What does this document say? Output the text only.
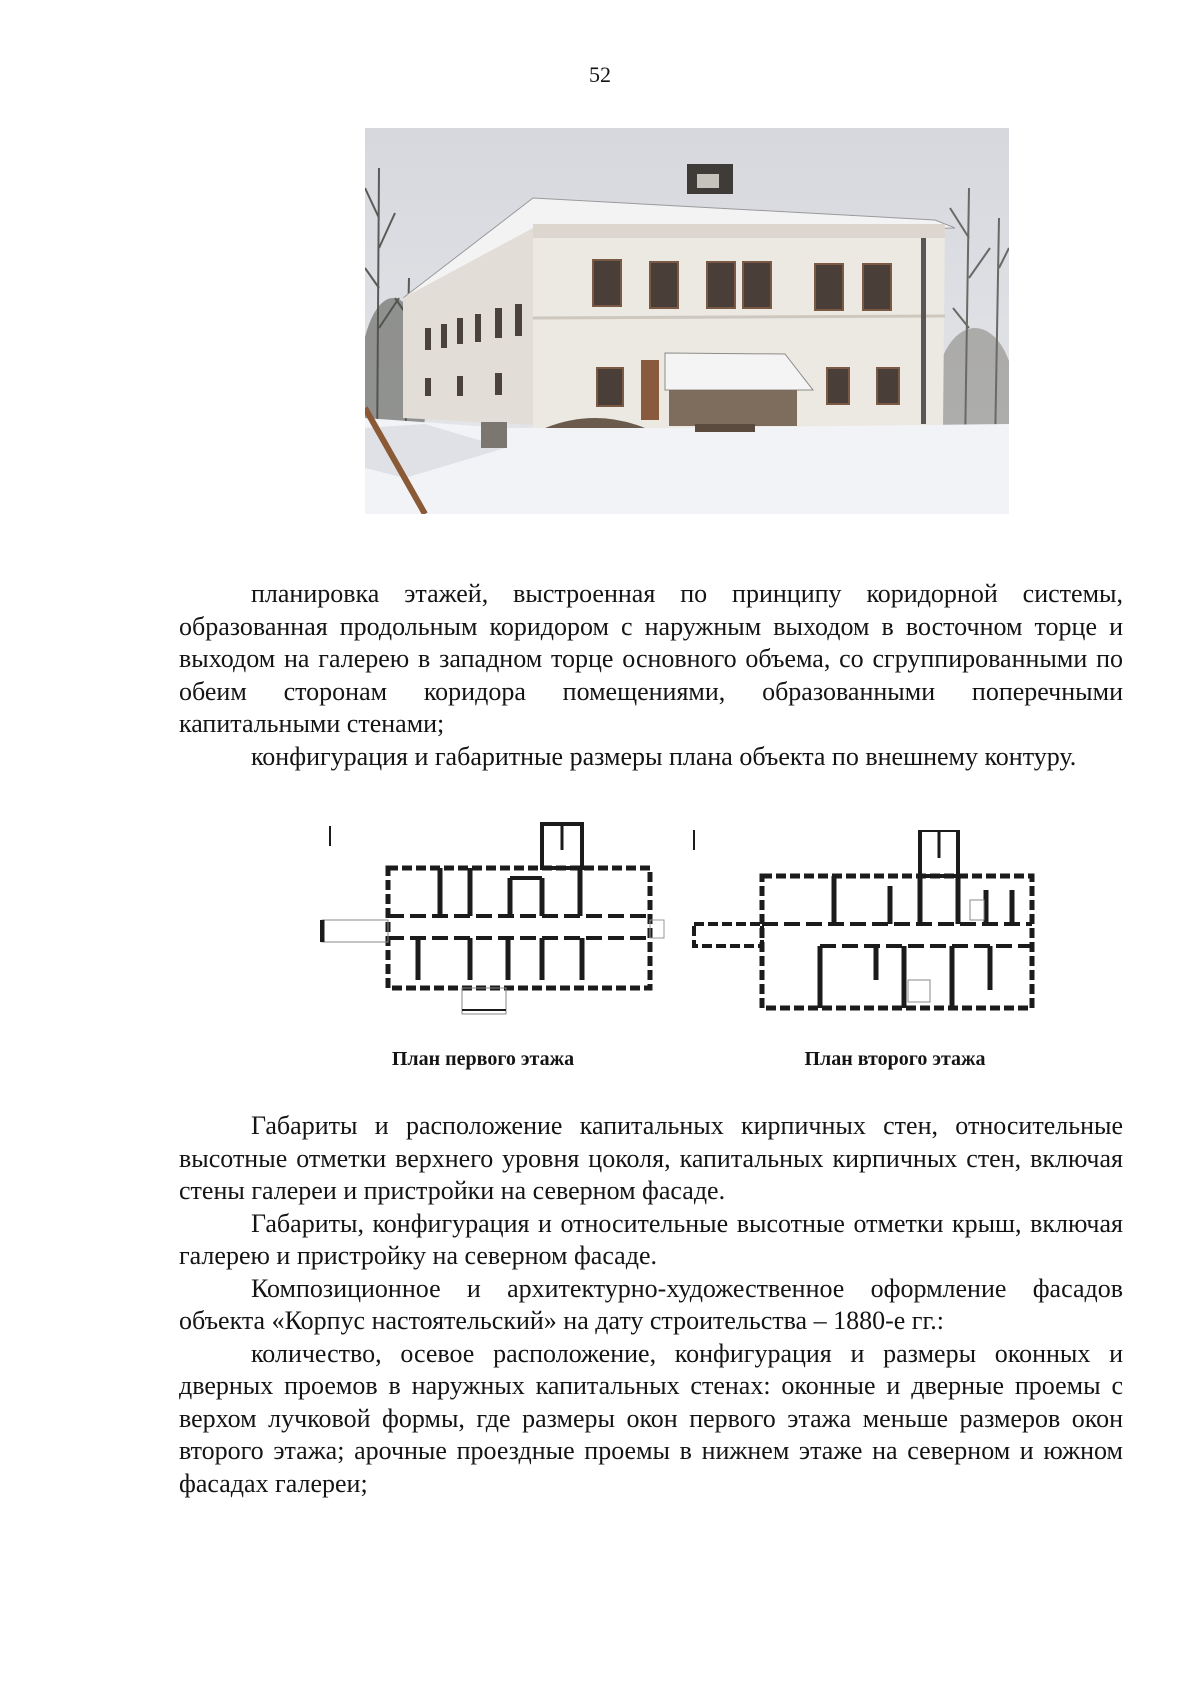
52

планировка этажей, выстроенная по принципу коридорной системы, образованная продольным коридором с наружным выходом в восточном торце и выходом на галерею в западном торце основного объема, со сгруппированными по обеим сторонам коридора помещениями, образованными поперечными капитальными стенами;

конфигурация и габаритные размеры плана объекта по внешнему контуру.

План первого этажа	План второго этажа

Габариты и расположение капитальных кирпичных стен, относительные высотные отметки верхнего уровня цоколя, капитальных кирпичных стен, включая стены галереи и пристройки на северном фасаде.

Габариты, конфигурация и относительные высотные отметки крыш, включая галерею и пристройку на северном фасаде.

Композиционное и архитектурно-художественное оформление фасадов объекта «Корпус настоятельский» на дату строительства – 1880-е гг.:

количество, осевое расположение, конфигурация и размеры оконных и дверных проемов в наружных капитальных стенах: оконные и дверные проемы с верхом лучковой формы, где размеры окон первого этажа меньше размеров окон второго этажа; арочные проездные проемы в нижнем этаже на северном и южном фасадах галереи;
